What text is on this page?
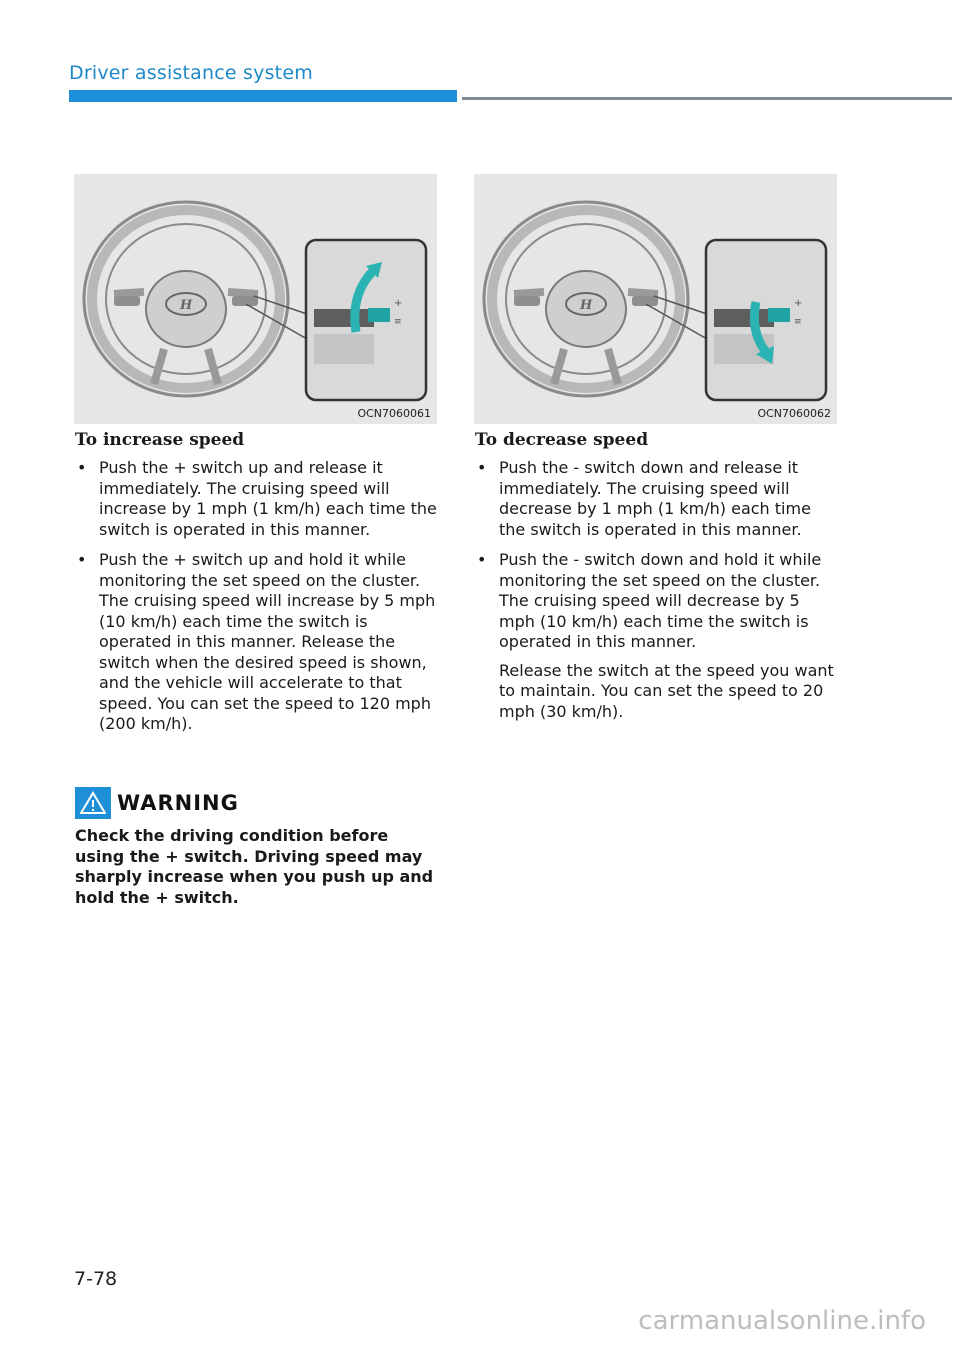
Driver assistance system
H	+
≡
OCN7060061
H	+
≡
OCN7060062
To increase speed
• Push the + switch up and release it immediately. The cruising speed will increase by 1 mph (1 km/h) each time the switch is operated in this manner.
• Push the + switch up and hold it while monitoring the set speed on the cluster. The cruising speed will increase by 5 mph (10 km/h) each time the switch is operated in this manner. Release the switch when the desired speed is shown, and the vehicle will accelerate to that speed. You can set the speed to 120 mph (200 km/h).
To decrease speed
• Push the - switch down and release it immediately. The cruising speed will decrease by 1 mph (1 km/h) each time the switch is operated in this manner.
• Push the - switch down and hold it while monitoring the set speed on the cluster. The cruising speed will decrease by 5 mph (10 km/h) each time the switch is operated in this manner.
Release the switch at the speed you want to maintain. You can set the speed to 20 mph (30 km/h).
WARNING
Check the driving condition before using the + switch. Driving speed may sharply increase when you push up and hold the + switch.
7-78
carmanualsonline.info
